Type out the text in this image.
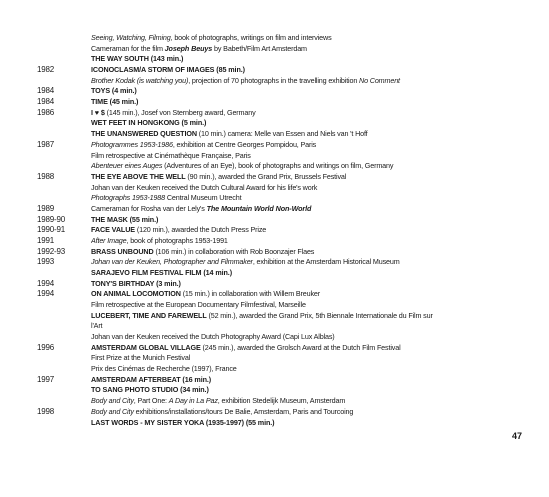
Seeing, Watching, Filming, book of photographs, writings on film and interviews
Cameraman for the film Joseph Beuys by Babeth/Film Art Amsterdam
THE WAY SOUTH (143 min.)
1982	ICONOCLASM/A STORM OF IMAGES (85 min.)
Brother Kodak (is watching you), projection of 70 photographs in the travelling exhibition No Comment
1984	TOYS (4 min.)
1984	TIME (45 min.)
1986	I ♥ $ (145 min.), Josef von Sternberg award, Germany
WET FEET IN HONGKONG (5 min.)
THE UNANSWERED QUESTION (10 min.) camera: Melle van Essen and Niels van 't Hoff
1987	Photogrammes 1953-1986, exhibition at Centre Georges Pompidou, Paris
Film retrospective at Cinémathèque Française, Paris
Abenteuer eines Auges (Adventures of an Eye), book of photographs and writings on film, Germany
1988	THE EYE ABOVE THE WELL (90 min.), awarded the Grand Prix, Brussels Festival
Johan van der Keuken received the Dutch Cultural Award for his life's work
Photographs 1953-1988 Central Museum Utrecht
1989	Cameraman for Rosha van der Lely's The Mountain World Non-World
1989-90	THE MASK (55 min.)
1990-91	FACE VALUE (120 min.), awarded the Dutch Press Prize
1991	After Image, book of photographs 1953-1991
1992-93	BRASS UNBOUND (106 min.) in collaboration with Rob Boonzajer Flaes
1993	Johan van der Keuken, Photographer and Filmmaker, exhibition at the Amsterdam Historical Museum
SARAJEVO FILM FESTIVAL FILM (14 min.)
1994	TONY'S BIRTHDAY (3 min.)
1994	ON ANIMAL LOCOMOTION (15 min.) in collaboration with Willem Breuker
Film retrospective at the European Documentary Filmfestival, Marseille
LUCEBERT, TIME AND FAREWELL (52 min.), awarded the Grand Prix, 5th Biennale Internationale du Film sur
l'Art
Johan van der Keuken received the Dutch Photography Award (Capi Lux Alblas)
1996	AMSTERDAM GLOBAL VILLAGE (245 min.), awarded the Grolsch Award at the Dutch Film Festival
First Prize at the Munich Festival
Prix des Cinémas de Recherche (1997), France
1997	AMSTERDAM AFTERBEAT (16 min.)
TO SANG PHOTO STUDIO (34 min.)
Body and City, Part One: A Day in La Paz, exhibition Stedelijk Museum, Amsterdam
1998	Body and City exhibitions/installations/tours De Balie, Amsterdam, Paris and Tourcoing
LAST WORDS - MY SISTER YOKA (1935-1997) (55 min.)
47
